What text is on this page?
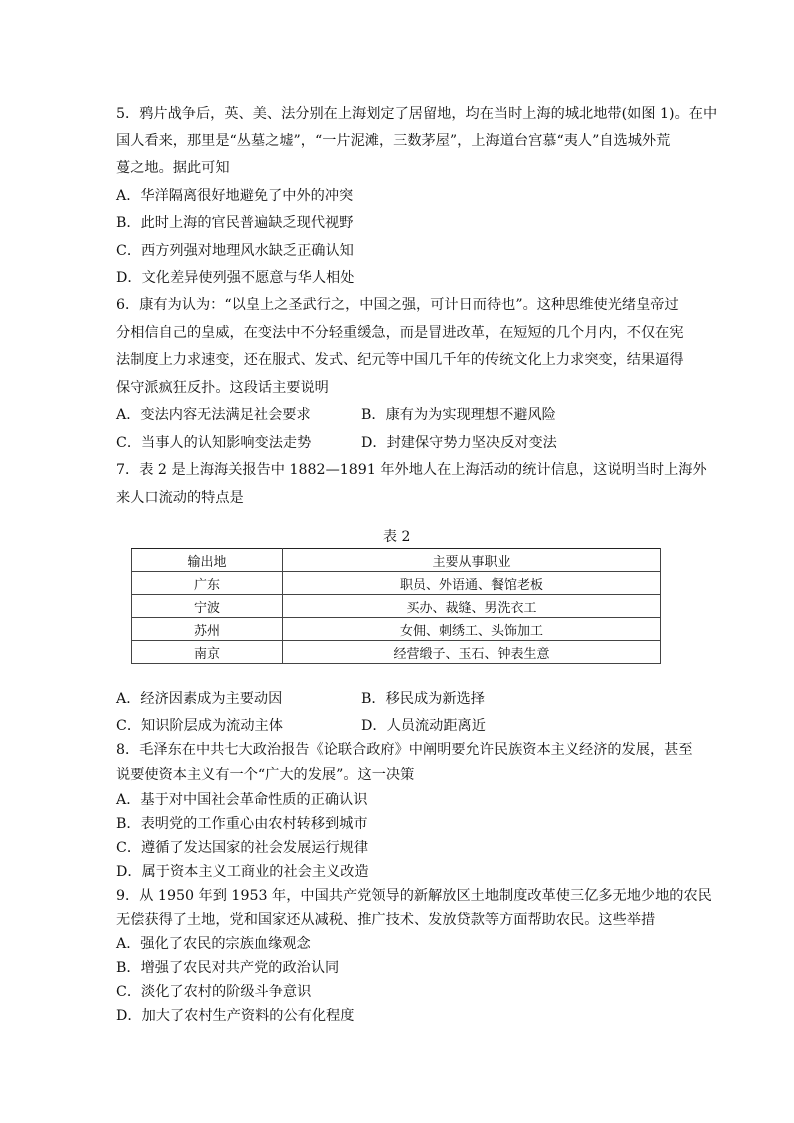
5．鸦片战争后，英、美、法分别在上海划定了居留地，均在当时上海的城北地带(如图 1)。在中
国人看来，那里是“丛墓之墟”，“一片泥滩，三数茅屋”，上海道台宫慕“夷人”自选城外荒
蔓之地。据此可知
A．华洋隔离很好地避免了中外的冲突
B．此时上海的官民普遍缺乏现代视野
C．西方列强对地理风水缺乏正确认知
D．文化差异使列强不愿意与华人相处
6．康有为认为：“以皇上之圣武行之，中国之强，可计日而待也”。这种思维使光绪皇帝过
分相信自己的皇威，在变法中不分轻重缓急，而是冒进改革，在短短的几个月内，不仅在宪
法制度上力求速变，还在服式、发式、纪元等中国几千年的传统文化上力求突变，结果逼得
保守派疯狂反扑。这段话主要说明
A．变法内容无法满足社会要求	B．康有为为实现理想不避风险
C．当事人的认知影响变法走势	D．封建保守势力坚决反对变法
7．表 2 是上海海关报告中 1882—1891 年外地人在上海活动的统计信息，这说明当时上海外
来人口流动的特点是
表 2
输出地	主要从事职业
广东	职员、外语通、餐馆老板
宁波	买办、裁缝、男洗衣工
苏州	女佣、刺绣工、头饰加工
南京	经营缎子、玉石、钟表生意
A．经济因素成为主要动因	B．移民成为新选择
C．知识阶层成为流动主体	D．人员流动距离近
8．毛泽东在中共七大政治报告《论联合政府》中阐明要允许民族资本主义经济的发展，甚至
说要使资本主义有一个“广大的发展”。这一决策
A．基于对中国社会革命性质的正确认识
B．表明党的工作重心由农村转移到城市
C．遵循了发达国家的社会发展运行规律
D．属于资本主义工商业的社会主义改造
9．从 1950 年到 1953 年，中国共产党领导的新解放区土地制度改革使三亿多无地少地的农民
无偿获得了土地，党和国家还从减税、推广技术、发放贷款等方面帮助农民。这些举措
A．强化了农民的宗族血缘观念
B．增强了农民对共产党的政治认同
C．淡化了农村的阶级斗争意识
D．加大了农村生产资料的公有化程度
